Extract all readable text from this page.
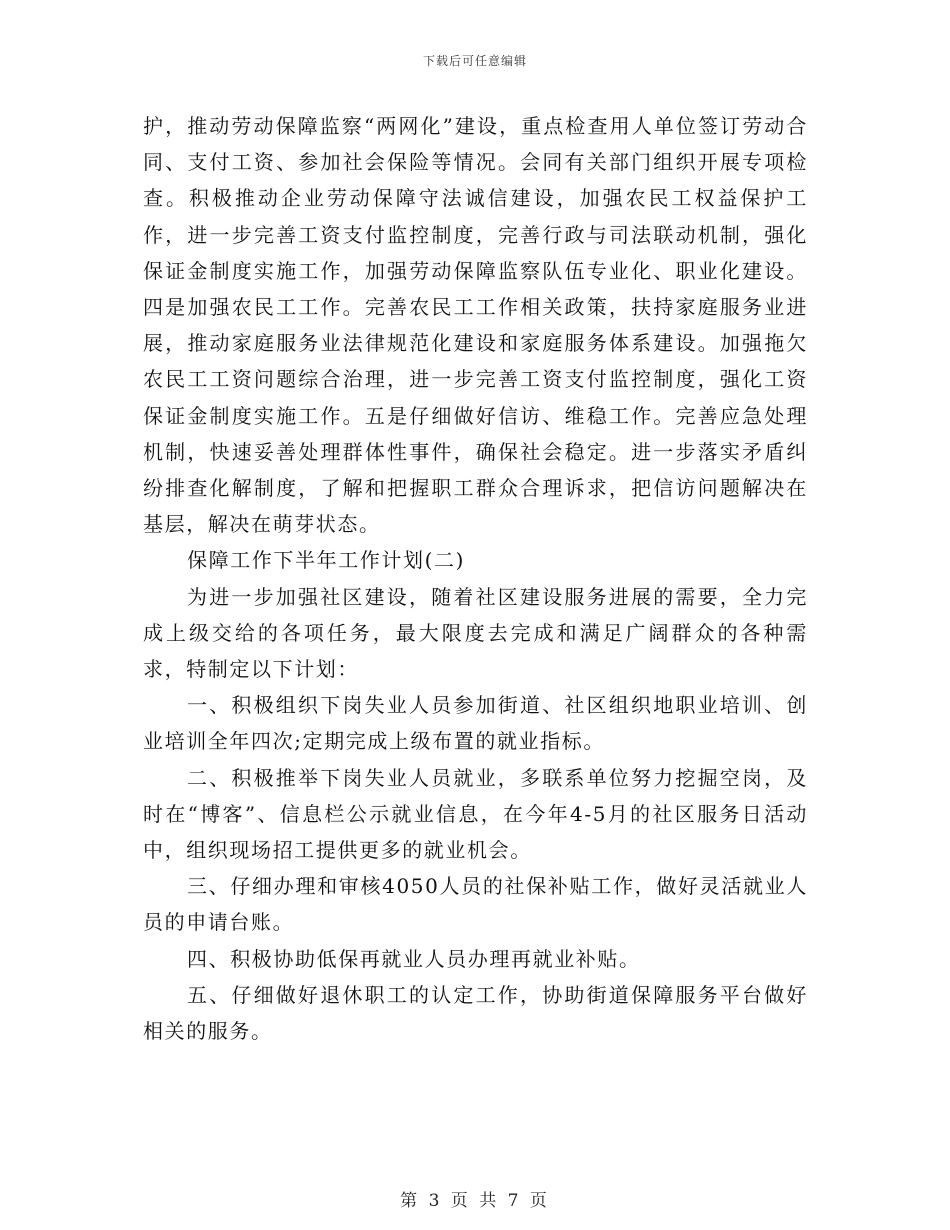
下载后可任意编辑

护，推动劳动保障监察“两网化”建设，重点检查用人单位签订劳动合同、支付工资、参加社会保险等情况。会同有关部门组织开展专项检查。积极推动企业劳动保障守法诚信建设，加强农民工权益保护工作，进一步完善工资支付监控制度，完善行政与司法联动机制，强化保证金制度实施工作，加强劳动保障监察队伍专业化、职业化建设。四是加强农民工工作。完善农民工工作相关政策，扶持家庭服务业进展，推动家庭服务业法律规范化建设和家庭服务体系建设。加强拖欠农民工工资问题综合治理，进一步完善工资支付监控制度，强化工资保证金制度实施工作。五是仔细做好信访、维稳工作。完善应急处理机制，快速妥善处理群体性事件，确保社会稳定。进一步落实矛盾纠纷排查化解制度，了解和把握职工群众合理诉求，把信访问题解决在基层，解决在萌芽状态。

保障工作下半年工作计划(二)

为进一步加强社区建设，随着社区建设服务进展的需要，全力完成上级交给的各项任务，最大限度去完成和满足广阔群众的各种需求，特制定以下计划：

一、积极组织下岗失业人员参加街道、社区组织地职业培训、创业培训全年四次;定期完成上级布置的就业指标。

二、积极推举下岗失业人员就业，多联系单位努力挖掘空岗，及时在“博客”、信息栏公示就业信息，在今年4-5月的社区服务日活动中，组织现场招工提供更多的就业机会。

三、仔细办理和审核4050人员的社保补贴工作，做好灵活就业人员的申请台账。

四、积极协助低保再就业人员办理再就业补贴。

五、仔细做好退休职工的认定工作，协助街道保障服务平台做好相关的服务。

第 3 页 共 7 页
